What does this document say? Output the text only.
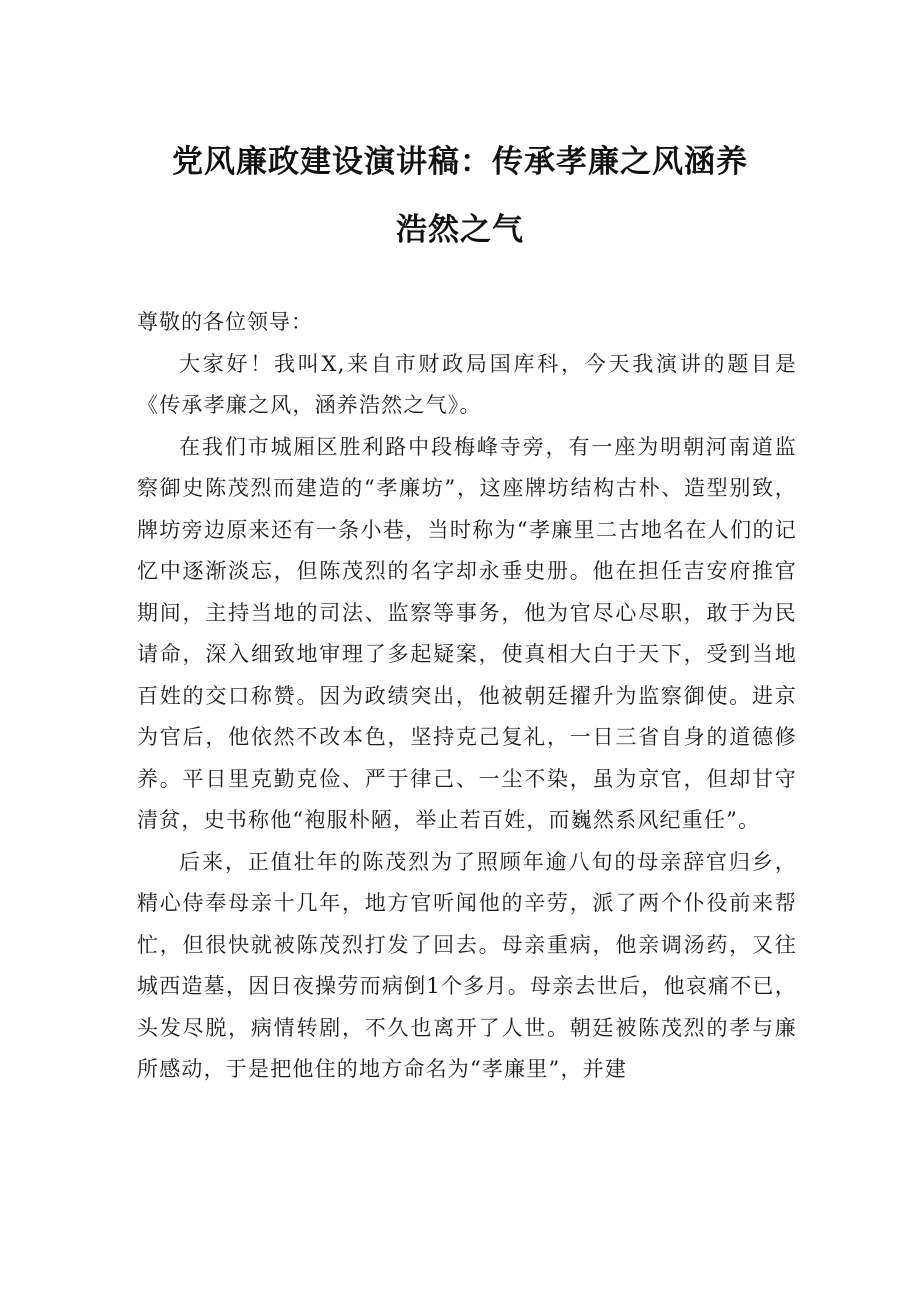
党风廉政建设演讲稿：传承孝廉之风涵养
浩然之气

尊敬的各位领导：

大家好！我叫X,来自市财政局国库科，今天我演讲的题目是《传承孝廉之风，涵养浩然之气》。

在我们市城厢区胜利路中段梅峰寺旁，有一座为明朝河南道监察御史陈茂烈而建造的“孝廉坊”，这座牌坊结构古朴、造型别致，牌坊旁边原来还有一条小巷，当时称为“孝廉里二古地名在人们的记忆中逐渐淡忘，但陈茂烈的名字却永垂史册。他在担任吉安府推官期间，主持当地的司法、监察等事务，他为官尽心尽职，敢于为民请命，深入细致地审理了多起疑案，使真相大白于天下，受到当地百姓的交口称赞。因为政绩突出，他被朝廷擢升为监察御使。进京为官后，他依然不改本色，坚持克己复礼，一日三省自身的道德修养。平日里克勤克俭、严于律己、一尘不染，虽为京官，但却甘守清贫，史书称他“袍服朴陋，举止若百姓，而巍然系风纪重任”。

后来，正值壮年的陈茂烈为了照顾年逾八旬的母亲辞官归乡，精心侍奉母亲十几年，地方官听闻他的辛劳，派了两个仆役前来帮忙，但很快就被陈茂烈打发了回去。母亲重病，他亲调汤药，又往城西造墓，因日夜操劳而病倒1个多月。母亲去世后，他哀痛不已，头发尽脱，病情转剧，不久也离开了人世。朝廷被陈茂烈的孝与廉所感动，于是把他住的地方命名为“孝廉里”，并建
